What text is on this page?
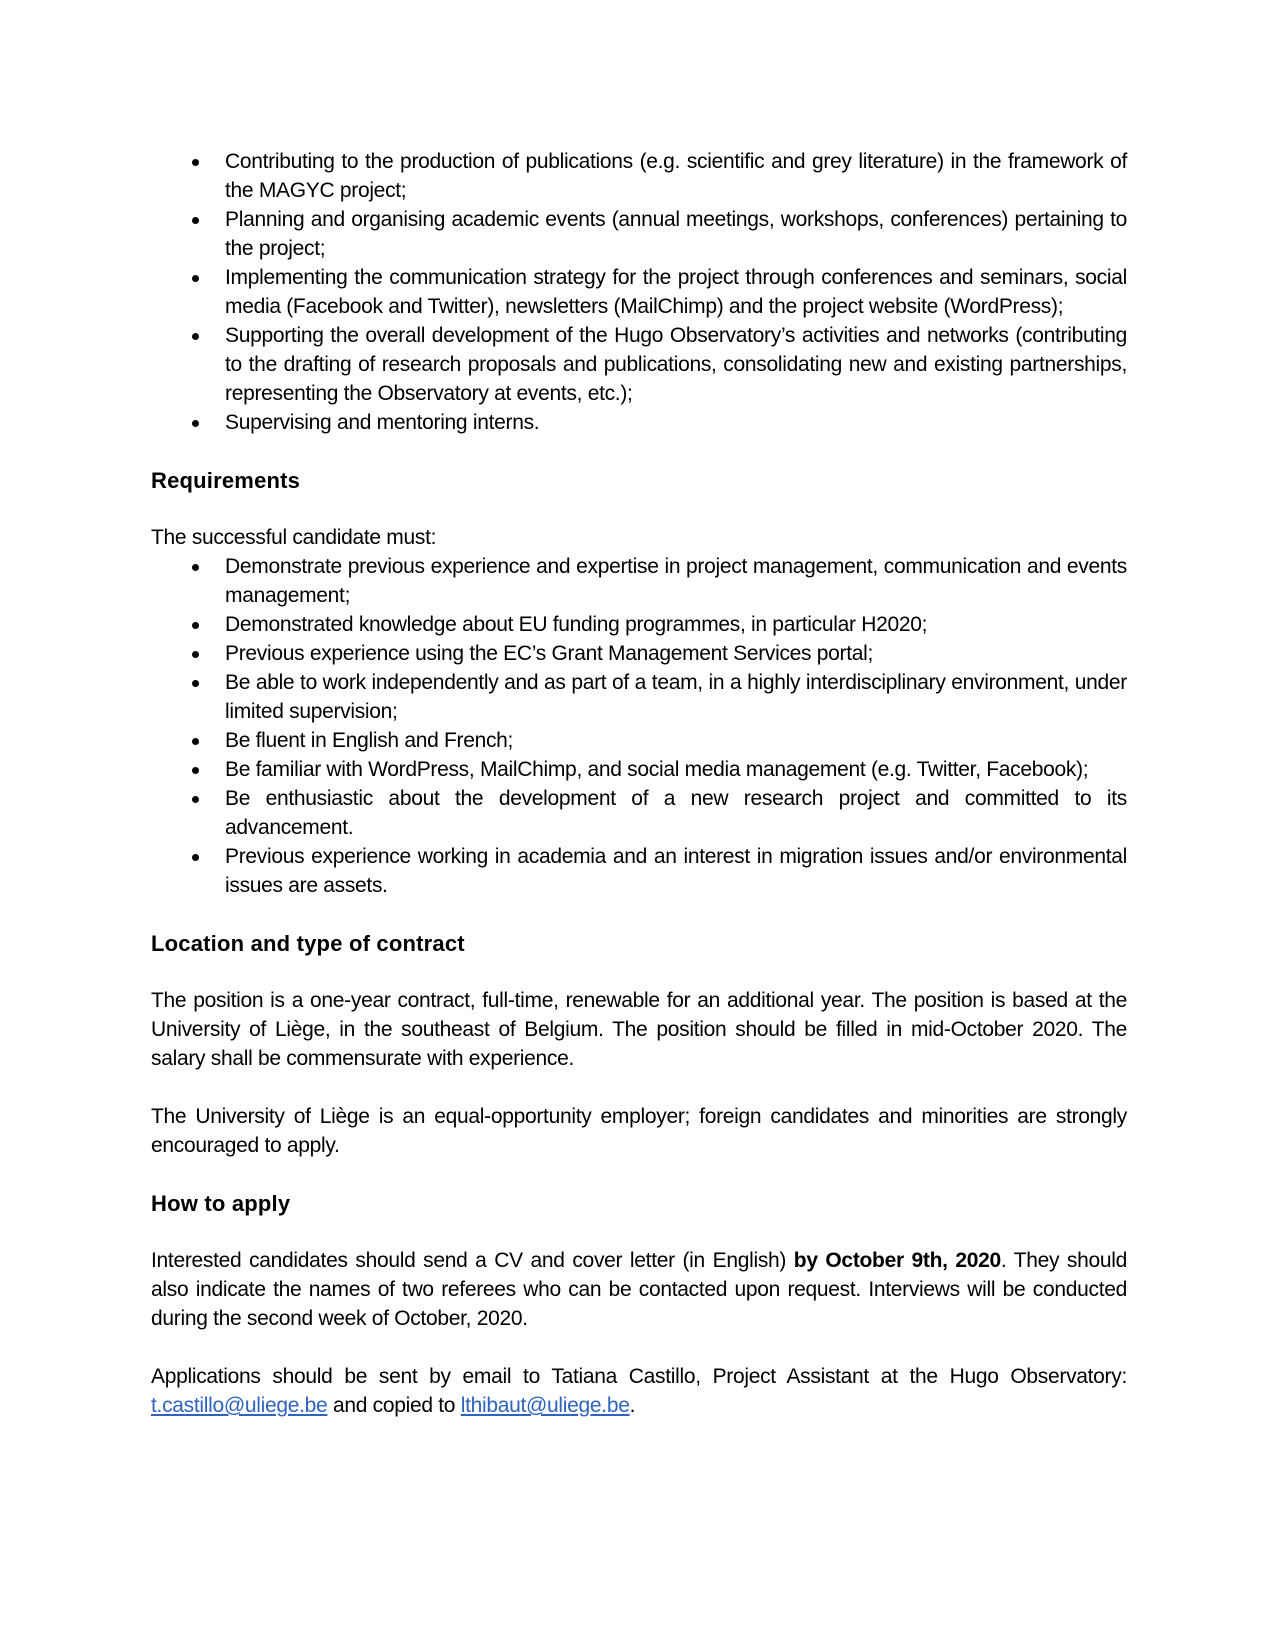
Contributing to the production of publications (e.g. scientific and grey literature) in the framework of the MAGYC project;
Planning and organising academic events (annual meetings, workshops, conferences) pertaining to the project;
Implementing the communication strategy for the project through conferences and seminars, social media (Facebook and Twitter), newsletters (MailChimp) and the project website (WordPress);
Supporting the overall development of the Hugo Observatory’s activities and networks (contributing to the drafting of research proposals and publications, consolidating new and existing partnerships, representing the Observatory at events, etc.);
Supervising and mentoring interns.
Requirements

The successful candidate must:

Demonstrate previous experience and expertise in project management, communication and events management;
Demonstrated knowledge about EU funding programmes, in particular H2020;
Previous experience using the EC’s Grant Management Services portal;
Be able to work independently and as part of a team, in a highly interdisciplinary environment, under limited supervision;
Be fluent in English and French;
Be familiar with WordPress, MailChimp, and social media management (e.g. Twitter, Facebook);
Be enthusiastic about the development of a new research project and committed to its advancement.
Previous experience working in academia and an interest in migration issues and/or environmental issues are assets.
Location and type of contract

The position is a one-year contract, full-time, renewable for an additional year. The position is based at the University of Liège, in the southeast of Belgium. The position should be filled in mid-October 2020. The salary shall be commensurate with experience.

The University of Liège is an equal-opportunity employer; foreign candidates and minorities are strongly encouraged to apply.

How to apply

Interested candidates should send a CV and cover letter (in English) by October 9th, 2020. They should also indicate the names of two referees who can be contacted upon request. Interviews will be conducted during the second week of October, 2020.

Applications should be sent by email to Tatiana Castillo, Project Assistant at the Hugo Observatory: t.castillo@uliege.be and copied to lthibaut@uliege.be.
